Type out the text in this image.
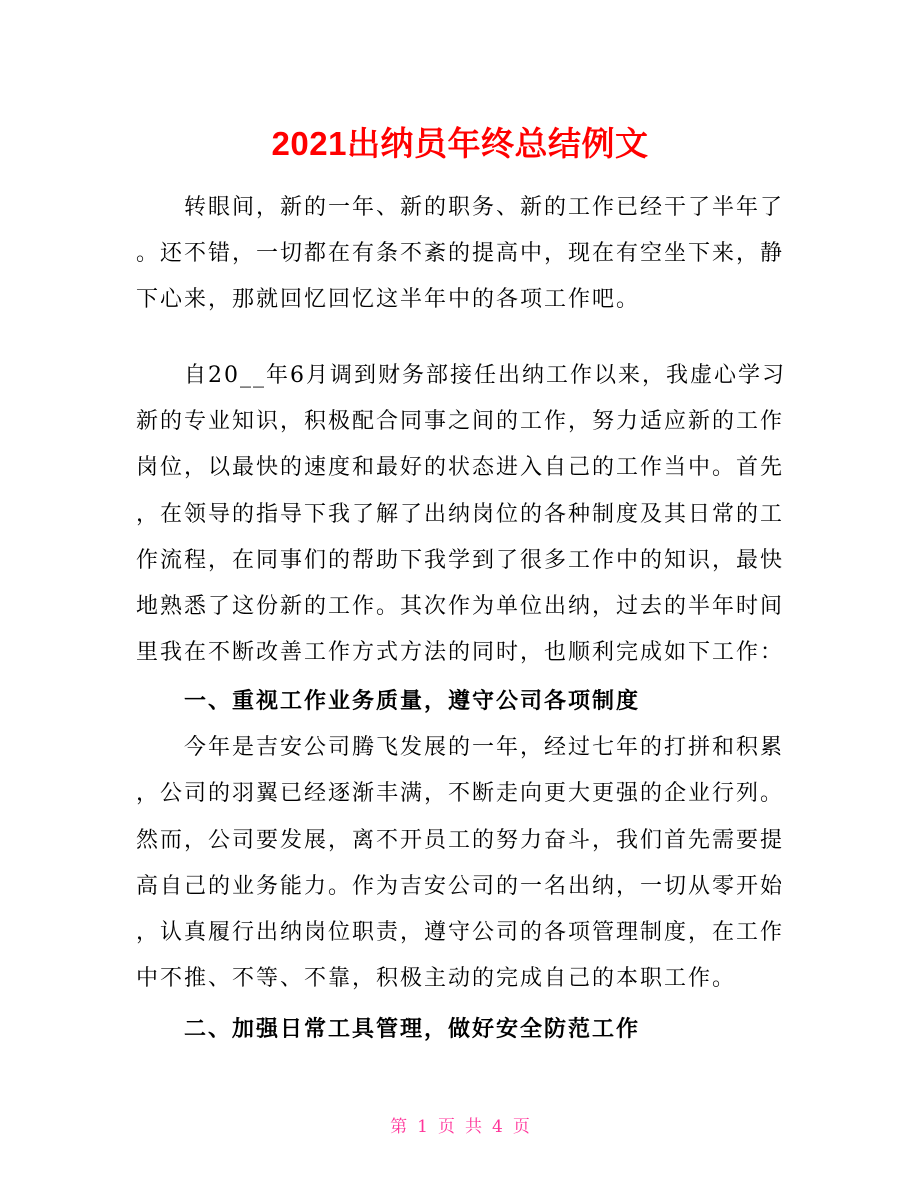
2021出纳员年终总结例文
转眼间，新的一年、新的职务、新的工作已经干了半年了
。还不错，一切都在有条不紊的提高中，现在有空坐下来，静
下心来，那就回忆回忆这半年中的各项工作吧。
自20__年6月调到财务部接任出纳工作以来，我虚心学习
新的专业知识，积极配合同事之间的工作，努力适应新的工作
岗位，以最快的速度和最好的状态进入自己的工作当中。首先
，在领导的指导下我了解了出纳岗位的各种制度及其日常的工
作流程，在同事们的帮助下我学到了很多工作中的知识，最快
地熟悉了这份新的工作。其次作为单位出纳，过去的半年时间
里我在不断改善工作方式方法的同时，也顺利完成如下工作：
一、重视工作业务质量，遵守公司各项制度
今年是吉安公司腾飞发展的一年，经过七年的打拼和积累
，公司的羽翼已经逐渐丰满，不断走向更大更强的企业行列。
然而，公司要发展，离不开员工的努力奋斗，我们首先需要提
高自己的业务能力。作为吉安公司的一名出纳，一切从零开始
，认真履行出纳岗位职责，遵守公司的各项管理制度，在工作
中不推、不等、不靠，积极主动的完成自己的本职工作。
二、加强日常工具管理，做好安全防范工作
第 1 页 共 4 页
